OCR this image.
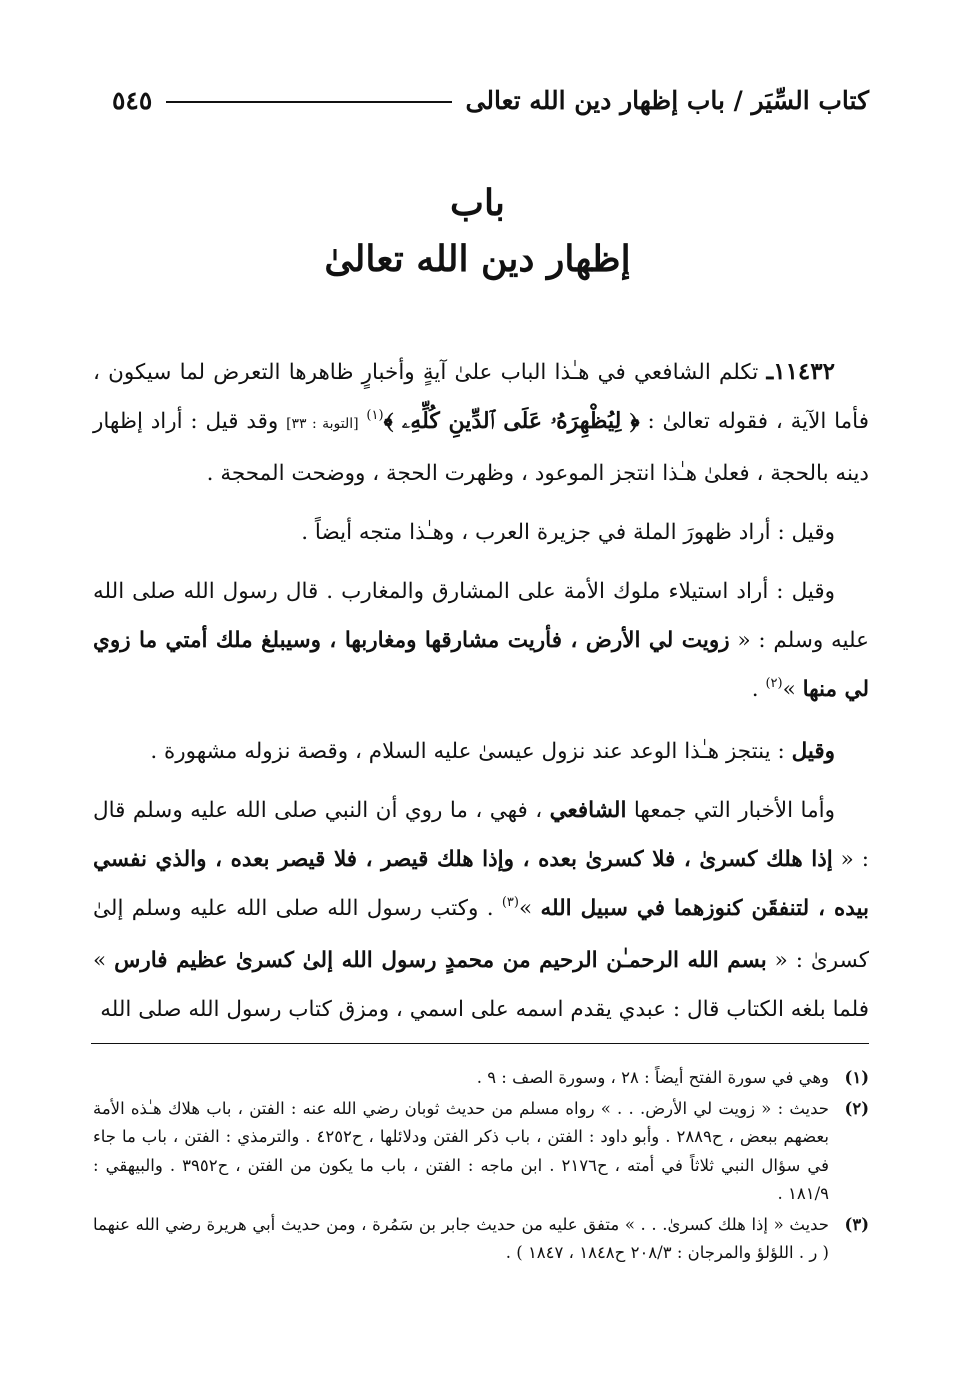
كتاب السِّيَر / باب إظهار دين الله تعالى
٥٤٥
باب
إظهار دين الله تعالىٰ

١١٤٣٢ـ تكلم الشافعي في هـٰذا الباب علىٰ آيةٍ وأخبارٍ ظاهرها التعرض لما سيكون ، فأما الآية ، فقوله تعالىٰ : ﴿ لِيُظْهِرَهُۥ عَلَى ٱلدِّينِ كُلِّهِۦ ﴾$^{(١)}$ [التوبة : ٣٣] وقد قيل : أراد إظهار دينه بالحجة ، فعلىٰ هـٰذا انتجز الموعود ، وظهرت الحجة ، ووضحت المحجة .

وقيل : أراد ظهورَ الملة في جزيرة العرب ، وهـٰذا متجه أيضاً .

وقيل : أراد استيلاء ملوك الأمة على المشارق والمغارب . قال رسول الله صلى الله عليه وسلم : « زويت لي الأرض ، فأريت مشارقها ومغاربها ، وسيبلغ ملك أمتي ما زوي لي منها »$^{(٢)}$ .

وقيل : ينتجز هـٰذا الوعد عند نزول عيسىٰ عليه السلام ، وقصة نزوله مشهورة .

وأما الأخبار التي جمعها الشافعي ، فهي ، ما روي أن النبي صلى الله عليه وسلم قال : « إذا هلك كسرىٰ ، فلا كسرىٰ بعده ، وإذا هلك قيصر ، فلا قيصر بعده ، والذي نفسي بيده ، لتنفقَن كنوزهما في سبيل الله »$^{(٣)}$ . وكتب رسول الله صلى الله عليه وسلم إلىٰ كسرىٰ : « بسم الله الرحمـٰن الرحيم من محمدٍ رسول الله إلىٰ كسرىٰ عظيم فارس » فلما بلغه الكتاب قال : عبدي يقدم اسمه على اسمي ، ومزق كتاب رسول الله صلى الله

(١)
وهي في سورة الفتح أيضاً : ٢٨ ، وسورة الصف : ٩ .
(٢)
حديث : « زويت لي الأرض. . . » رواه مسلم من حديث ثوبان رضي الله عنه : الفتن ، باب هلاك هـٰذه الأمة بعضهم ببعض ، ح٢٨٨٩ . وأبو داود : الفتن ، باب ذكر الفتن ودلائلها ، ح٤٢٥٢ . والترمذي : الفتن ، باب ما جاء في سؤال النبي ثلاثاً في أمته ، ح٢١٧٦ . ابن ماجه : الفتن ، باب ما يكون من الفتن ، ح٣٩٥٢ . والبيهقي : ١٨١/٩ .
(٣)
حديث « إذا هلك كسرىٰ. . . » متفق عليه من حديث جابر بن سَمُرة ، ومن حديث أبي هريرة رضي الله عنهما ( ر . اللؤلؤ والمرجان : ٢٠٨/٣ ح١٨٤٨ ، ١٨٤٧ ) .
